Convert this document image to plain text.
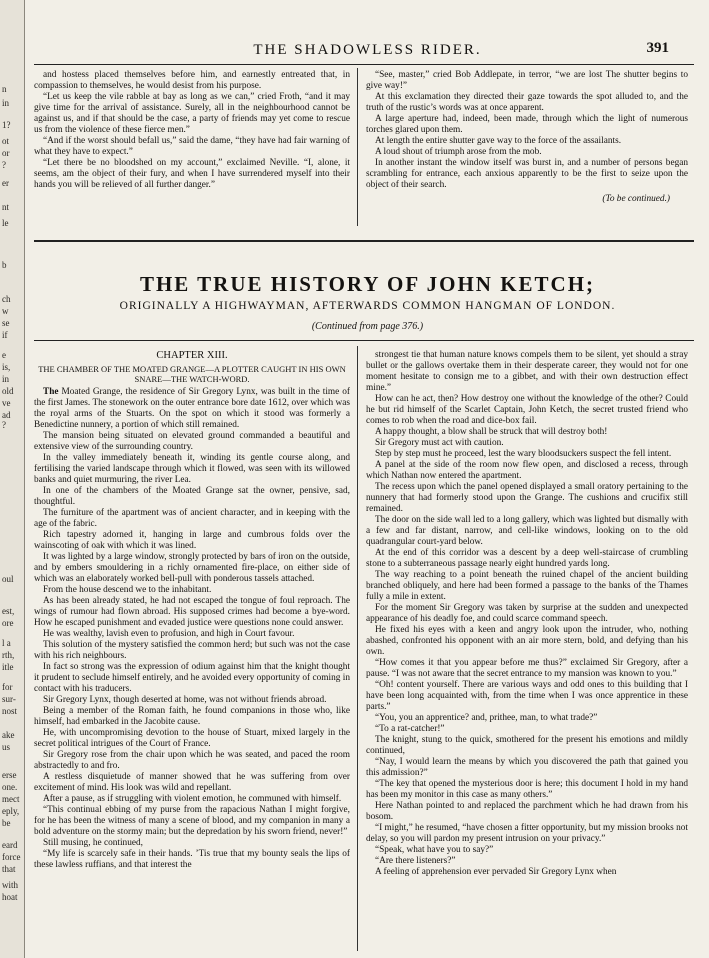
n
in
1?
ot
or
?
er
nt
le
b
ch
w
se
if
e
is,
in
old
ve
ad
?
oul
est,
ore
l a
rth,
itle
for
sur-
nost
ake
us
erse
one.
mect
eply,
be
eard
force
that
with
hoat
THE SHADOWLESS RIDER.	391

and hostess placed themselves before him, and earnestly entreated that, in compassion to themselves, he would desist from his purpose.

“Let us keep the vile rabble at bay as long as we can,” cried Froth, “and it may give time for the arrival of assistance. Surely, all in the neighbourhood cannot be against us, and if that should be the case, a party of friends may yet come to rescue us from the violence of these fierce men.”

“And if the worst should befall us,” said the dame, “they have had fair warning of what they have to expect.”

“Let there be no bloodshed on my account,” exclaimed Neville. “I, alone, it seems, am the object of their fury, and when I have surrendered myself into their hands you will be relieved of all further danger.”

“See, master,” cried Bob Addlepate, in terror, “we are lost The shutter begins to give way!”

At this exclamation they directed their gaze towards the spot alluded to, and the truth of the rustic’s words was at once apparent.

A large aperture had, indeed, been made, through which the light of numerous torches glared upon them.

At length the entire shutter gave way to the force of the assailants.

A loud shout of triumph arose from the mob.

In another instant the window itself was burst in, and a number of persons began scrambling for entrance, each anxious apparently to be the first to seize upon the object of their search.

(To be continued.)
THE TRUE HISTORY OF JOHN KETCH;
ORIGINALLY A HIGHWAYMAN, AFTERWARDS COMMON HANGMAN OF LONDON.
(Continued from page 376.)
CHAPTER XIII.
THE CHAMBER OF THE MOATED GRANGE—A PLOTTER CAUGHT IN HIS OWN SNARE—THE WATCH-WORD.

The Moated Grange, the residence of Sir Gregory Lynx, was built in the time of the first James. The stonework on the outer entrance bore date 1612, over which was the royal arms of the Stuarts. On the spot on which it stood was formerly a Benedictine nunnery, a portion of which still remained.

The mansion being situated on elevated ground commanded a beautiful and extensive view of the surrounding country.

In the valley immediately beneath it, winding its gentle course along, and fertilising the varied landscape through which it flowed, was seen with its willowed banks and quiet murmuring, the river Lea.

In one of the chambers of the Moated Grange sat the owner, pensive, sad, thoughtful.

The furniture of the apartment was of ancient character, and in keeping with the age of the fabric.

Rich tapestry adorned it, hanging in large and cumbrous folds over the wainscoting of oak with which it was lined.

It was lighted by a large window, strongly protected by bars of iron on the outside, and by embers smouldering in a richly ornamented fire-place, on either side of which was an elaborately worked bell-pull with ponderous tassels attached.

From the house descend we to the inhabitant.

As has been already stated, he had not escaped the tongue of foul reproach. The wings of rumour had flown abroad. His supposed crimes had become a bye-word. How he escaped punishment and evaded justice were questions none could answer.

He was wealthy, lavish even to profusion, and high in Court favour.

This solution of the mystery satisfied the common herd; but such was not the case with his rich neighbours.

In fact so strong was the expression of odium against him that the knight thought it prudent to seclude himself entirely, and he avoided every opportunity of coming in contact with his traducers.

Sir Gregory Lynx, though deserted at home, was not without friends abroad.

Being a member of the Roman faith, he found companions in those who, like himself, had embarked in the Jacobite cause.

He, with uncompromising devotion to the house of Stuart, mixed largely in the secret political intrigues of the Court of France.

Sir Gregory rose from the chair upon which he was seated, and paced the room abstractedly to and fro.

A restless disquietude of manner showed that he was suffering from over excitement of mind. His look was wild and repellant.

After a pause, as if struggling with violent emotion, he communed with himself.

“This continual ebbing of my purse from the rapacious Nathan I might forgive, for he has been the witness of many a scene of blood, and my companion in many a bold adventure on the stormy main; but the depredation by his sworn friend, never!”

Still musing, he continued,

“My life is scarcely safe in their hands. ’Tis true that my bounty seals the lips of these lawless ruffians, and that interest the

strongest tie that human nature knows compels them to be silent, yet should a stray bullet or the gallows overtake them in their desperate career, they would not for one moment hesitate to consign me to a gibbet, and with their own destruction effect mine.”

How can he act, then? How destroy one without the knowledge of the other? Could he but rid himself of the Scarlet Captain, John Ketch, the secret trusted friend who comes to rob when the road and dice-box fail.

A happy thought, a blow shall be struck that will destroy both!

Sir Gregory must act with caution.

Step by step must he proceed, lest the wary bloodsuckers suspect the fell intent.

A panel at the side of the room now flew open, and disclosed a recess, through which Nathan now entered the apartment.

The recess upon which the panel opened displayed a small oratory pertaining to the nunnery that had formerly stood upon the Grange. The cushions and crucifix still remained.

The door on the side wall led to a long gallery, which was lighted but dismally with a few and far distant, narrow, and cell-like windows, looking on to the old quadrangular court-yard below.

At the end of this corridor was a descent by a deep well-staircase of crumbling stone to a subterraneous passage nearly eight hundred yards long.

The way reaching to a point beneath the ruined chapel of the ancient building branched obliquely, and here had been formed a passage to the banks of the Thames fully a mile in extent.

For the moment Sir Gregory was taken by surprise at the sudden and unexpected appearance of his deadly foe, and could scarce command speech.

He fixed his eyes with a keen and angry look upon the intruder, who, nothing abashed, confronted his opponent with an air more stern, bold, and defying than his own.

“How comes it that you appear before me thus?” exclaimed Sir Gregory, after a pause. “I was not aware that the secret entrance to my mansion was known to you.”

“Oh! content yourself. There are various ways and odd ones to this building that I have been long acquainted with, from the time when I was once apprentice in these parts.”

“You, you an apprentice? and, prithee, man, to what trade?”

“To a rat-catcher!”

The knight, stung to the quick, smothered for the present his emotions and mildly continued,

“Nay, I would learn the means by which you discovered the path that gained you this admission?”

“The key that opened the mysterious door is here; this document I hold in my hand has been my monitor in this case as many others.”

Here Nathan pointed to and replaced the parchment which he had drawn from his bosom.

“I might,” he resumed, “have chosen a fitter opportunity, but my mission brooks not delay, so you will pardon my present intrusion on your privacy.”

“Speak, what have you to say?”

“Are there listeners?”

A feeling of apprehension ever pervaded Sir Gregory Lynx when
